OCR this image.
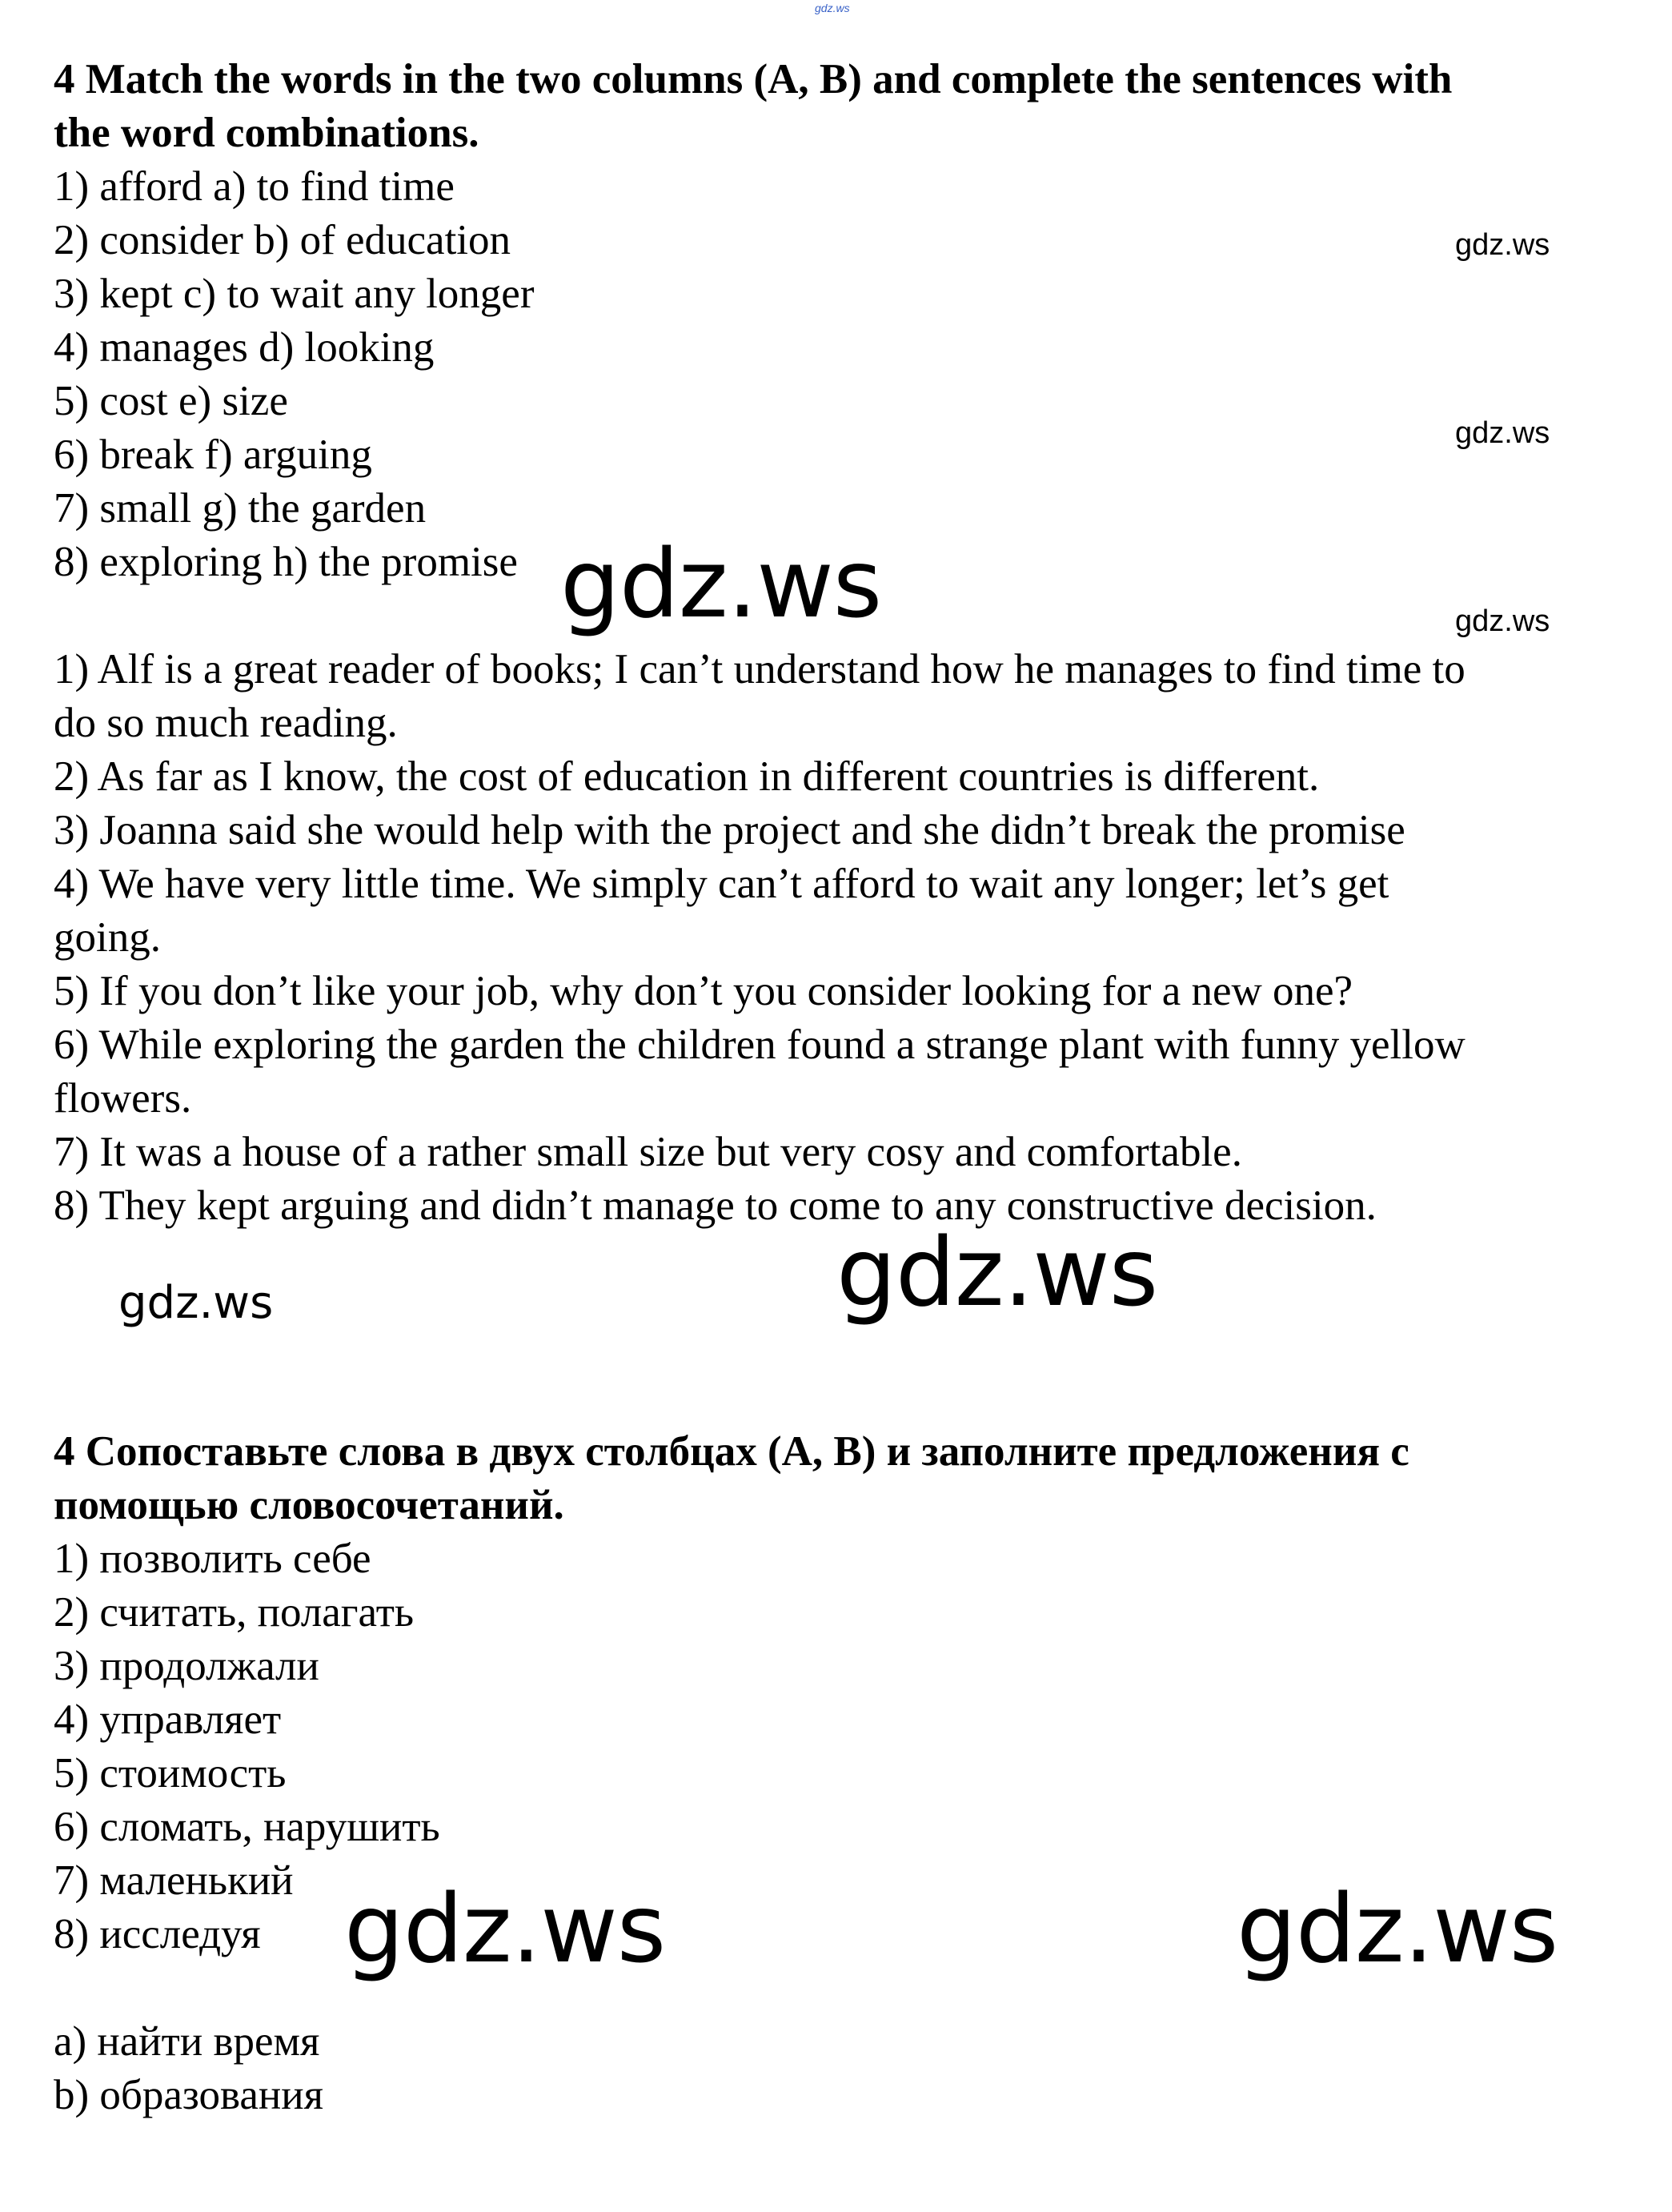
gdz.ws
4 Match the words in the two columns (A, B) and complete the sentences with
the word combinations.
1) afford a) to find time
2) consider b) of education
3) kept c) to wait any longer
4) manages d) looking
5) cost e) size
6) break f) arguing
7) small g) the garden
8) exploring h) the promise
1) Alf is a great reader of books; I can’t understand how he manages to find time to
do so much reading.
2) As far as I know, the cost of education in different countries is different.
3) Joanna said she would help with the project and she didn’t break the promise
4) We have very little time. We simply can’t afford to wait any longer; let’s get
going.
5) If you don’t like your job, why don’t you consider looking for a new one?
6) While exploring the garden the children found a strange plant with funny yellow
flowers.
7) It was a house of a rather small size but very cosy and comfortable.
8) They kept arguing and didn’t manage to come to any constructive decision.
4 Сопоставьте слова в двух столбцах (A, B) и заполните предложения с
помощью словосочетаний.
1) позволить себе
2) считать, полагать
3) продолжали
4) управляет
5) стоимость
6) сломать, нарушить
7) маленький
8) исследуя
a) найти время
b) образования
gdz.ws
gdz.ws
gdz.ws
gdz.ws
gdz.ws	gdz.ws
gdz.ws	gdz.ws
